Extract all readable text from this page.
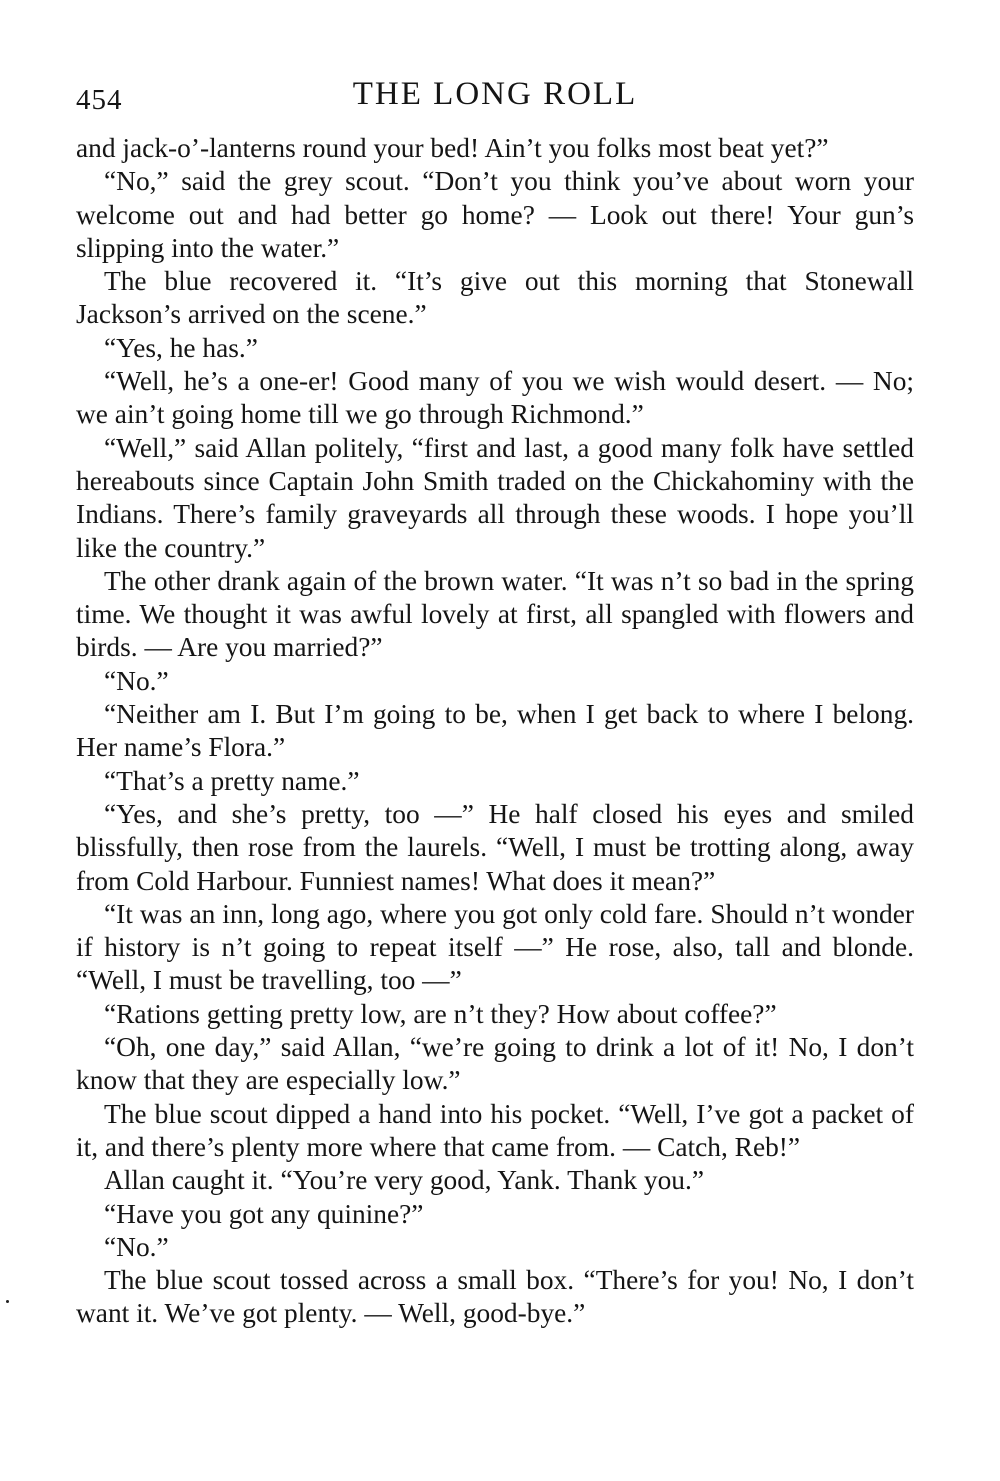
454	THE LONG ROLL

and jack-o’-lanterns round your bed! Ain’t you folks most beat yet?”

“No,” said the grey scout. “Don’t you think you’ve about worn your welcome out and had better go home? — Look out there! Your gun’s slipping into the water.”

The blue recovered it. “It’s give out this morning that Stonewall Jackson’s arrived on the scene.”

“Yes, he has.”

“Well, he’s a one-er! Good many of you we wish would desert. — No; we ain’t going home till we go through Richmond.”

“Well,” said Allan politely, “first and last, a good many folk have settled hereabouts since Captain John Smith traded on the Chickahominy with the Indians. There’s family graveyards all through these woods. I hope you’ll like the country.”

The other drank again of the brown water. “It was n’t so bad in the spring time. We thought it was awful lovely at first, all spangled with flowers and birds. — Are you married?”

“No.”

“Neither am I. But I’m going to be, when I get back to where I belong. Her name’s Flora.”

“That’s a pretty name.”

“Yes, and she’s pretty, too —” He half closed his eyes and smiled blissfully, then rose from the laurels. “Well, I must be trotting along, away from Cold Harbour. Funniest names! What does it mean?”

“It was an inn, long ago, where you got only cold fare. Should n’t wonder if history is n’t going to repeat itself —” He rose, also, tall and blonde. “Well, I must be travelling, too —”

“Rations getting pretty low, are n’t they? How about coffee?”

“Oh, one day,” said Allan, “we’re going to drink a lot of it! No, I don’t know that they are especially low.”

The blue scout dipped a hand into his pocket. “Well, I’ve got a packet of it, and there’s plenty more where that came from. — Catch, Reb!”

Allan caught it. “You’re very good, Yank. Thank you.”

“Have you got any quinine?”

“No.”

The blue scout tossed across a small box. “There’s for you! No, I don’t want it. We’ve got plenty. — Well, good-bye.”
